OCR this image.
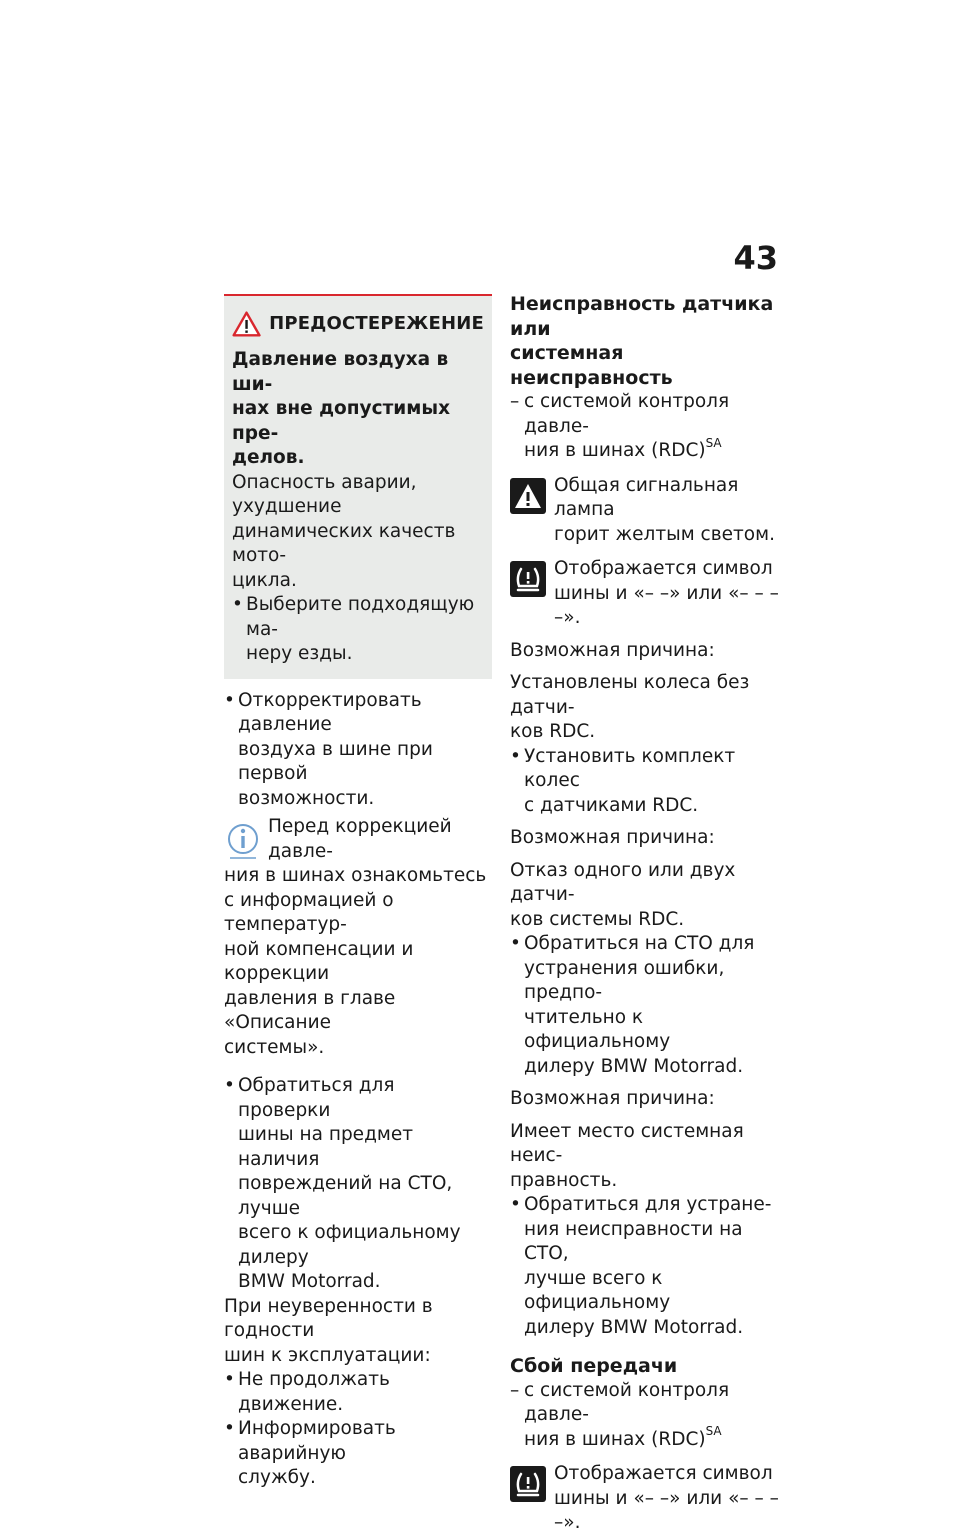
43
ПРЕДОСТЕРЕЖЕНИЕ
Давление воздуха в ши-
нах вне допустимых пре-
делов.
Опасность аварии, ухудшение
динамических качеств мото-
цикла.
• Выберите подходящую ма-
неру езды.
• Откорректировать давление
воздуха в шине при первой
возможности.
Перед коррекцией давле-
ния в шинах ознакомьтесь
с информацией о температур-
ной компенсации и коррекции
давления в главе «Описание
системы».
• Обратиться для проверки
шины на предмет наличия
повреждений на СТО, лучше
всего к официальному дилеру
BMW Motorrad.
При неуверенности в годности
шин к эксплуатации:
• Не продолжать движение.
• Информировать аварийную
службу.
Неисправность датчика или
системная неисправность
– с системой контроля давле-
ния в шинах (RDC)$^{SA}$
Общая сигнальная лампа
горит желтым светом.
Отображается символ
шины и «– –» или «– – – –».
Возможная причина:
Установлены колеса без датчи-
ков RDC.
• Установить комплект колес
с датчиками RDC.
Возможная причина:
Отказ одного или двух датчи-
ков системы RDC.
• Обратиться на СТО для
устранения ошибки, предпо-
чтительно к официальному
дилеру BMW Motorrad.
Возможная причина:
Имеет место системная неис-
правность.
• Обратиться для устране-
ния неисправности на СТО,
лучше всего к официальному
дилеру BMW Motorrad.
Сбой передачи
– с системой контроля давле-
ния в шинах (RDC)$^{SA}$
Отображается символ
шины и «– –» или «– – – –».
